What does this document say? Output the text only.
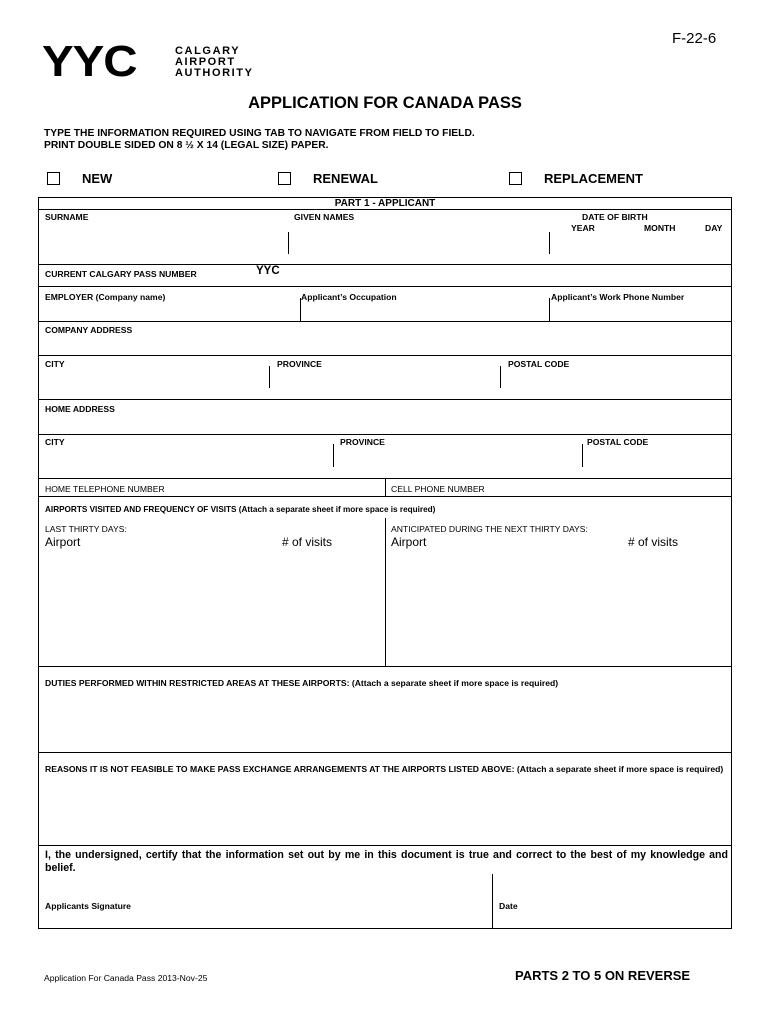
F-22-6
YYC	CALGARY
AIRPORT
AUTHORITY
APPLICATION FOR CANADA PASS
TYPE THE INFORMATION REQUIRED USING TAB TO NAVIGATE FROM FIELD TO FIELD.
PRINT DOUBLE SIDED ON 8 ½ X 14 (LEGAL SIZE) PAPER.
NEW	RENEWAL	REPLACEMENT
PART 1 - APPLICANT
SURNAME	GIVEN NAMES	DATE OF BIRTH
YEAR	MONTH	DAY
CURRENT CALGARY PASS NUMBER	YYC
EMPLOYER (Company name)	Applicant’s Occupation	Applicant’s Work Phone Number
COMPANY ADDRESS
CITY	PROVINCE	POSTAL CODE
HOME ADDRESS
CITY	PROVINCE	POSTAL CODE
HOME TELEPHONE NUMBER	CELL PHONE NUMBER
AIRPORTS VISITED AND FREQUENCY OF VISITS (Attach a separate sheet if more space is required)
LAST THIRTY DAYS:	ANTICIPATED DURING THE NEXT THIRTY DAYS:
Airport	# of visits	Airport	# of visits
DUTIES PERFORMED WITHIN RESTRICTED AREAS AT THESE AIRPORTS: (Attach a separate sheet if more space is required)
REASONS IT IS NOT FEASIBLE TO MAKE PASS EXCHANGE ARRANGEMENTS AT THE AIRPORTS LISTED ABOVE: (Attach a separate sheet if more space is required)
I, the undersigned, certify that the information set out by me in this document is true and correct to the best of my knowledge and belief.
Applicants Signature	Date
Application For Canada Pass 2013-Nov-25	PARTS 2 TO 5 ON REVERSE
